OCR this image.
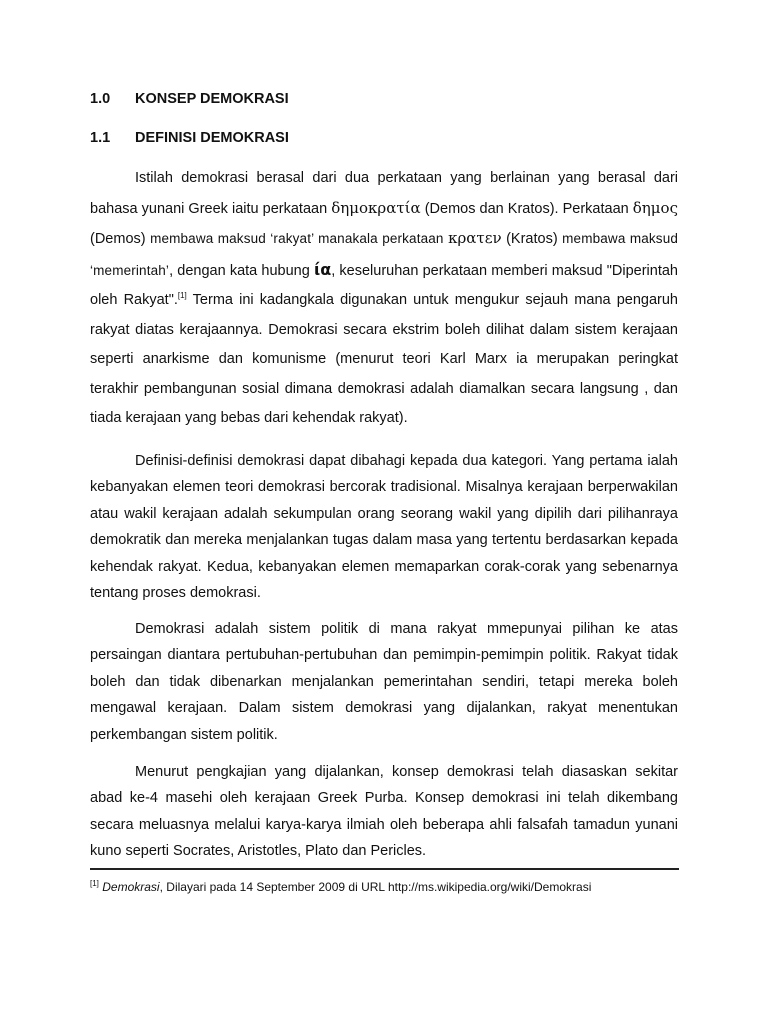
1.0 KONSEP DEMOKRASI
1.1 DEFINISI DEMOKRASI

Istilah demokrasi berasal dari dua perkataan yang berlainan yang berasal dari bahasa yunani Greek iaitu perkataan δημοκρατία (Demos dan Kratos). Perkataan δημος (Demos) membawa maksud ‘rakyat’ manakala perkataan κρατεν (Kratos) membawa maksud ‘memerintah’, dengan kata hubung ία, keseluruhan perkataan memberi maksud "Diperintah oleh Rakyat".[1] Terma ini kadangkala digunakan untuk mengukur sejauh mana pengaruh rakyat diatas kerajaannya. Demokrasi secara ekstrim boleh dilihat dalam sistem kerajaan seperti anarkisme dan komunisme (menurut teori Karl Marx ia merupakan peringkat terakhir pembangunan sosial dimana demokrasi adalah diamalkan secara langsung , dan tiada kerajaan yang bebas dari kehendak rakyat).

Definisi-definisi demokrasi dapat dibahagi kepada dua kategori. Yang pertama ialah kebanyakan elemen teori demokrasi bercorak tradisional. Misalnya kerajaan berperwakilan atau wakil kerajaan adalah sekumpulan orang seorang wakil yang dipilih dari pilihanraya demokratik dan mereka menjalankan tugas dalam masa yang tertentu berdasarkan kepada kehendak rakyat. Kedua, kebanyakan elemen memaparkan corak-corak yang sebenarnya tentang proses demokrasi.

Demokrasi adalah sistem politik di mana rakyat mmepunyai pilihan ke atas persaingan diantara pertubuhan-pertubuhan dan pemimpin-pemimpin politik. Rakyat tidak boleh dan tidak dibenarkan menjalankan pemerintahan sendiri, tetapi mereka boleh mengawal kerajaan. Dalam sistem demokrasi yang dijalankan, rakyat menentukan perkembangan sistem politik.

Menurut pengkajian yang dijalankan, konsep demokrasi telah diasaskan sekitar abad ke-4 masehi oleh kerajaan Greek Purba. Konsep demokrasi ini telah dikembang secara meluasnya melalui karya-karya ilmiah oleh beberapa ahli falsafah tamadun yunani kuno seperti Socrates, Aristotles, Plato dan Pericles.

[1] Demokrasi, Dilayari pada 14 September 2009 di URL http://ms.wikipedia.org/wiki/Demokrasi
